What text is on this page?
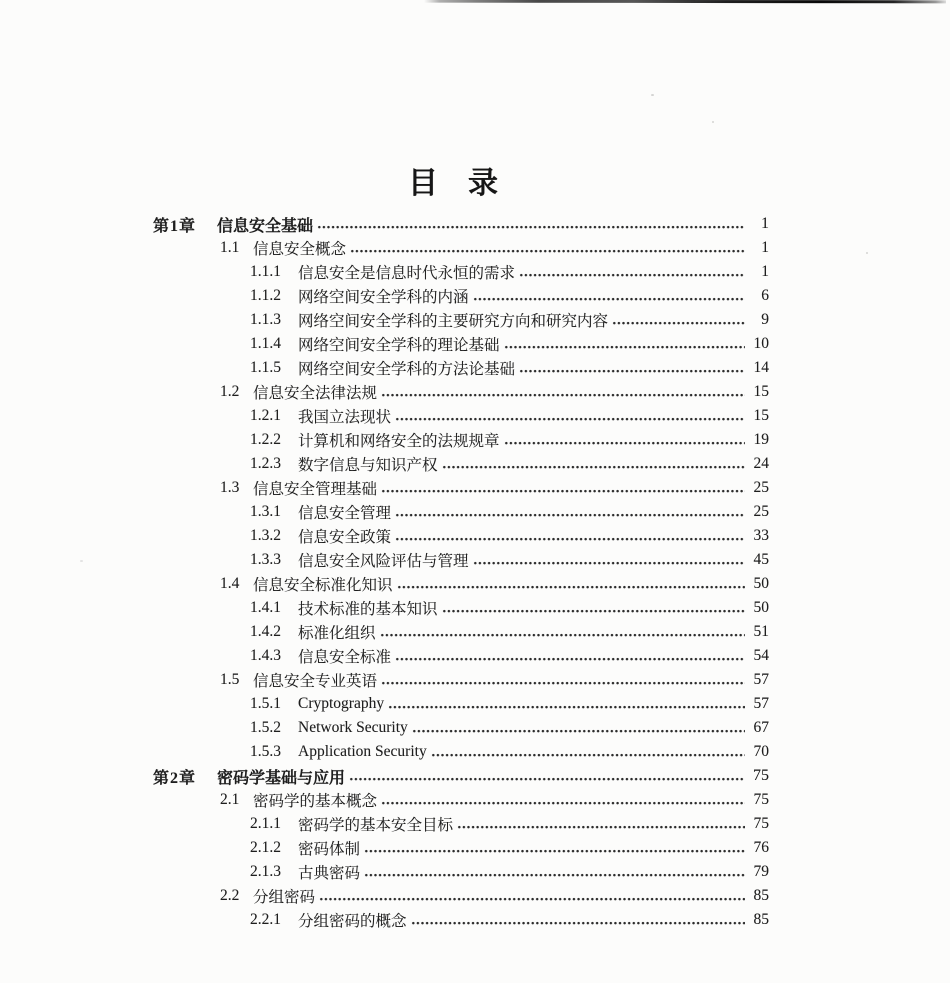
目　录
第1章	信息安全基础	1
1.1 信息安全概念	1
1.1.1	信息安全是信息时代永恒的需求	1
1.1.2	网络空间安全学科的内涵	6
1.1.3	网络空间安全学科的主要研究方向和研究内容	9
1.1.4	网络空间安全学科的理论基础	10
1.1.5	网络空间安全学科的方法论基础	14
1.2 信息安全法律法规	15
1.2.1	我国立法现状	15
1.2.2	计算机和网络安全的法规规章	19
1.2.3	数字信息与知识产权	24
1.3 信息安全管理基础	25
1.3.1	信息安全管理	25
1.3.2	信息安全政策	33
1.3.3	信息安全风险评估与管理	45
1.4 信息安全标准化知识	50
1.4.1	技术标准的基本知识	50
1.4.2	标准化组织	51
1.4.3	信息安全标准	54
1.5 信息安全专业英语	57
1.5.1	Cryptography	57
1.5.2	Network Security	67
1.5.3	Application Security	70
第2章	密码学基础与应用	75
2.1 密码学的基本概念	75
2.1.1	密码学的基本安全目标	75
2.1.2	密码体制	76
2.1.3	古典密码	79
2.2 分组密码	85
2.2.1	分组密码的概念	85
